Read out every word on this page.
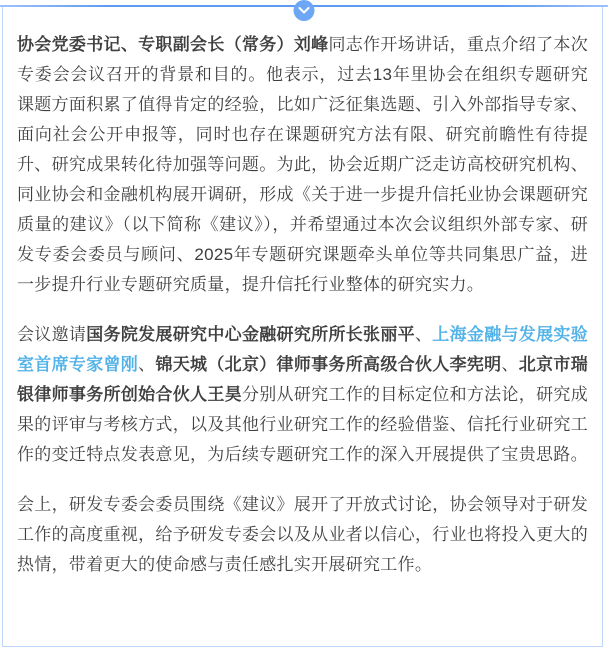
协会党委书记、专职副会长（常务）刘峰同志作开场讲话，重点介绍了本次专委会会议召开的背景和目的。他表示，过去13年里协会在组织专题研究课题方面积累了值得肯定的经验，比如广泛征集选题、引入外部指导专家、面向社会公开申报等，同时也存在课题研究方法有限、研究前瞻性有待提升、研究成果转化待加强等问题。为此，协会近期广泛走访高校研究机构、同业协会和金融机构展开调研，形成《关于进一步提升信托业协会课题研究质量的建议》（以下简称《建议》），并希望通过本次会议组织外部专家、研发专委会委员与顾问、2025年专题研究课题牵头单位等共同集思广益，进一步提升行业专题研究质量，提升信托行业整体的研究实力。

会议邀请国务院发展研究中心金融研究所所长张丽平、上海金融与发展实验室首席专家曾刚、锦天城（北京）律师事务所高级合伙人李宪明、北京市瑞银律师事务所创始合伙人王昊分别从研究工作的目标定位和方法论，研究成果的评审与考核方式，以及其他行业研究工作的经验借鉴、信托行业研究工作的变迁特点发表意见，为后续专题研究工作的深入开展提供了宝贵思路。

会上，研发专委会委员围绕《建议》展开了开放式讨论，协会领导对于研发工作的高度重视，给予研发专委会以及从业者以信心，行业也将投入更大的热情，带着更大的使命感与责任感扎实开展研究工作。
